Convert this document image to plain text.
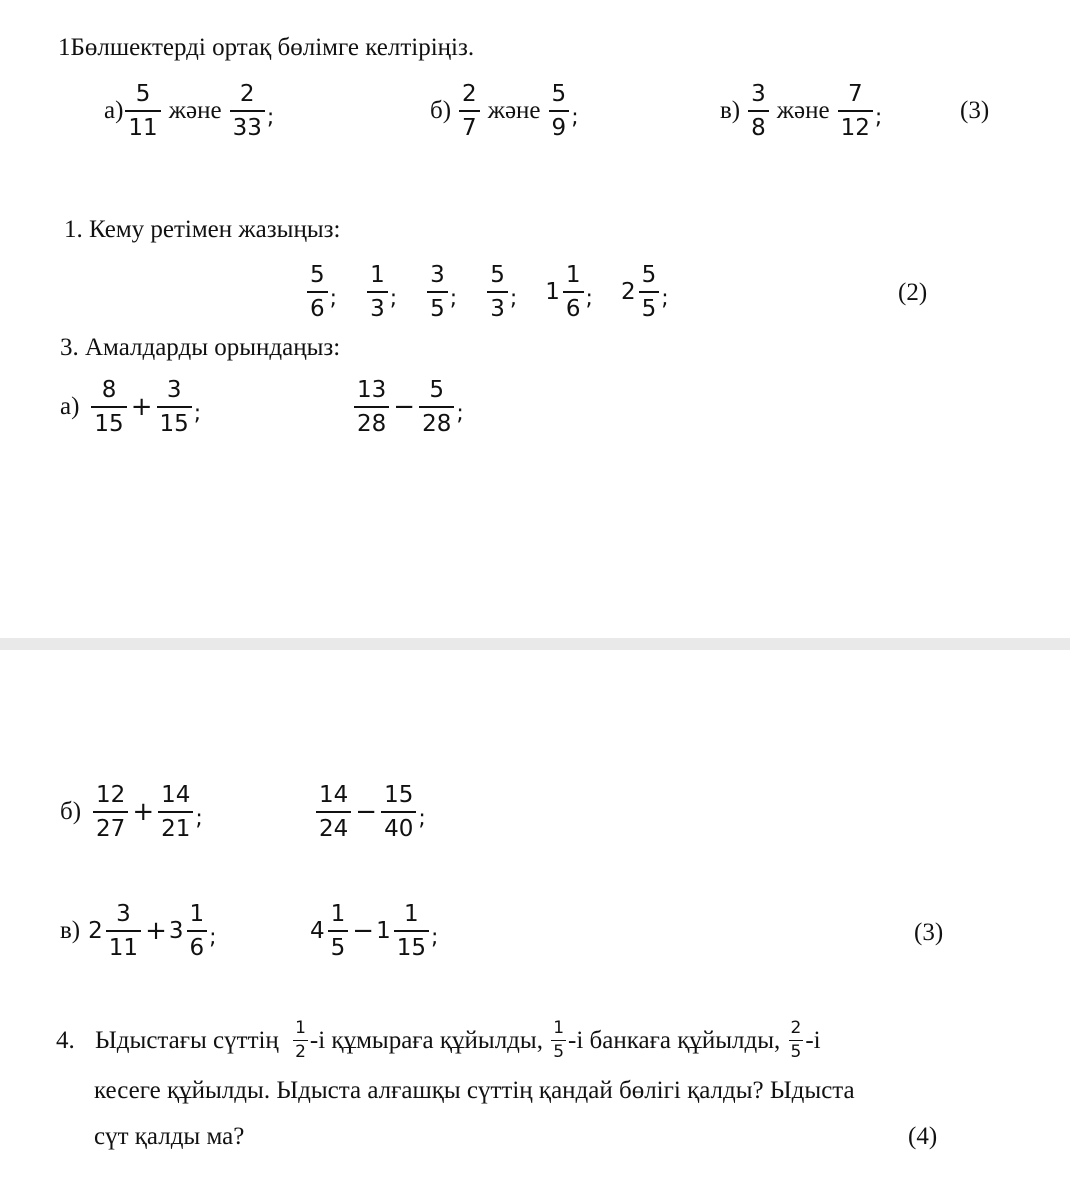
1Бөлшектерді ортақ бөлімге келтіріңіз.
$а) \frac{5}{11}$ және $\frac{2}{33}$ ;	$б) \frac{2}{7}$ және $\frac{5}{9}$ ;	$в) \frac{3}{8}$ және $\frac{7}{12}$ ;	(3)
1. Кему ретімен жазыңыз:
$\frac{5}{6}$ ; $\frac{1}{3}$ ; $\frac{3}{5}$ ; $\frac{5}{3}$ ; $1 \frac{1}{6}$ ; $2 \frac{5}{5}$ ;	(2)
3. Амалдарды орындаңыз:
$а) \frac{8}{15} + \frac{3}{15}$ ;	$\frac{13}{28} - \frac{5}{28}$ ;
$б) \frac{12}{27} + \frac{14}{21}$ ;	$\frac{14}{24} - \frac{15}{40}$ ;
в) $2 \frac{3}{11} + 3 \frac{1}{6}$ ;	$4 \frac{1}{5} - 1 \frac{1}{15}$ ;	(3)
4. Ыдыстағы сүттің $\frac{1}{2} -і$ құмыраға құйылды, $\frac{1}{5} -і$ банкаға құйылды, $\frac{2}{5} -і$
кесеге құйылды. Ыдыста алғашқы сүттің қандай бөлігі қалды? Ыдыста
сүт қалды ма?	(4)
